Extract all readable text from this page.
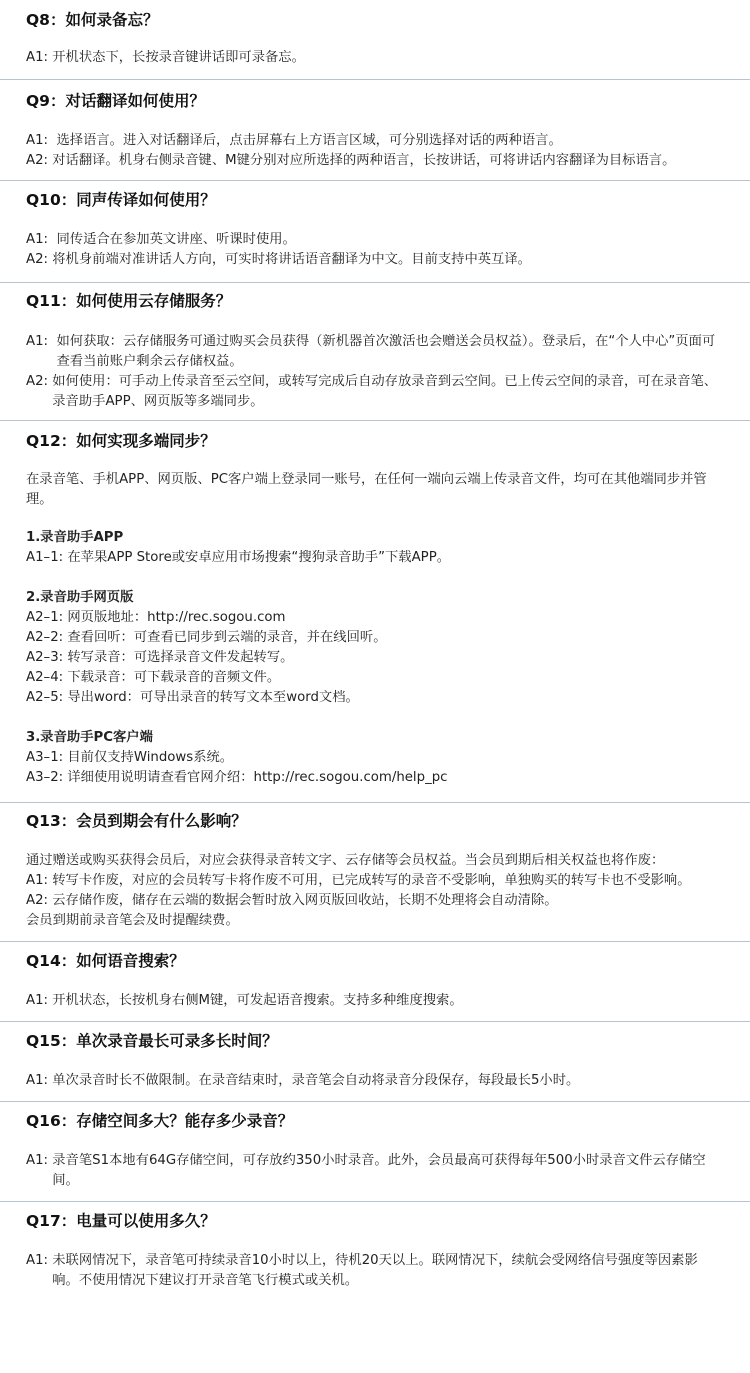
Q8：如何录备忘？
A1: 开机状态下，长按录音键讲话即可录备忘。
Q9：对话翻译如何使用？
A1: 选择语言。进入对话翻译后，点击屏幕右上方语言区域，可分别选择对话的两种语言。
A2: 对话翻译。机身右侧录音键、M键分别对应所选择的两种语言，长按讲话，可将讲话内容翻译为目标语言。
Q10：同声传译如何使用？
A1: 同传适合在参加英文讲座、听课时使用。
A2: 将机身前端对准讲话人方向，可实时将讲话语音翻译为中文。目前支持中英互译。
Q11：如何使用云存储服务？
A1: 如何获取：云存储服务可通过购买会员获得（新机器首次激活也会赠送会员权益）。登录后，在“个人中心”页面可查看当前账户剩余云存储权益。
A2: 如何使用：可手动上传录音至云空间，或转写完成后自动存放录音到云空间。已上传云空间的录音，可在录音笔、录音助手APP、网页版等多端同步。
Q12：如何实现多端同步？
在录音笔、手机APP、网页版、PC客户端上登录同一账号，在任何一端向云端上传录音文件，均可在其他端同步并管理。
1.录音助手APP
A1–1: 在苹果APP Store或安卓应用市场搜索“搜狗录音助手”下载APP。
2.录音助手网页版
A2–1: 网页版地址：http://rec.sogou.com
A2–2: 查看回听：可查看已同步到云端的录音，并在线回听。
A2–3: 转写录音：可选择录音文件发起转写。
A2–4: 下载录音：可下载录音的音频文件。
A2–5: 导出word：可导出录音的转写文本至word文档。
3.录音助手PC客户端
A3–1: 目前仅支持Windows系统。
A3–2: 详细使用说明请查看官网介绍：http://rec.sogou.com/help_pc
Q13：会员到期会有什么影响？
通过赠送或购买获得会员后，对应会获得录音转文字、云存储等会员权益。当会员到期后相关权益也将作废：
A1: 转写卡作废，对应的会员转写卡将作废不可用，已完成转写的录音不受影响，单独购买的转写卡也不受影响。
A2: 云存储作废，储存在云端的数据会暂时放入网页版回收站，长期不处理将会自动清除。
会员到期前录音笔会及时提醒续费。
Q14：如何语音搜索？
A1: 开机状态，长按机身右侧M键，可发起语音搜索。支持多种维度搜索。
Q15：单次录音最长可录多长时间？
A1: 单次录音时长不做限制。在录音结束时，录音笔会自动将录音分段保存，每段最长5小时。
Q16：存储空间多大？能存多少录音？
A1: 录音笔S1本地有64G存储空间，可存放约350小时录音。此外，会员最高可获得每年500小时录音文件云存储空间。
Q17：电量可以使用多久？
A1: 未联网情况下，录音笔可持续录音10小时以上，待机20天以上。联网情况下，续航会受网络信号强度等因素影响。不使用情况下建议打开录音笔飞行模式或关机。
